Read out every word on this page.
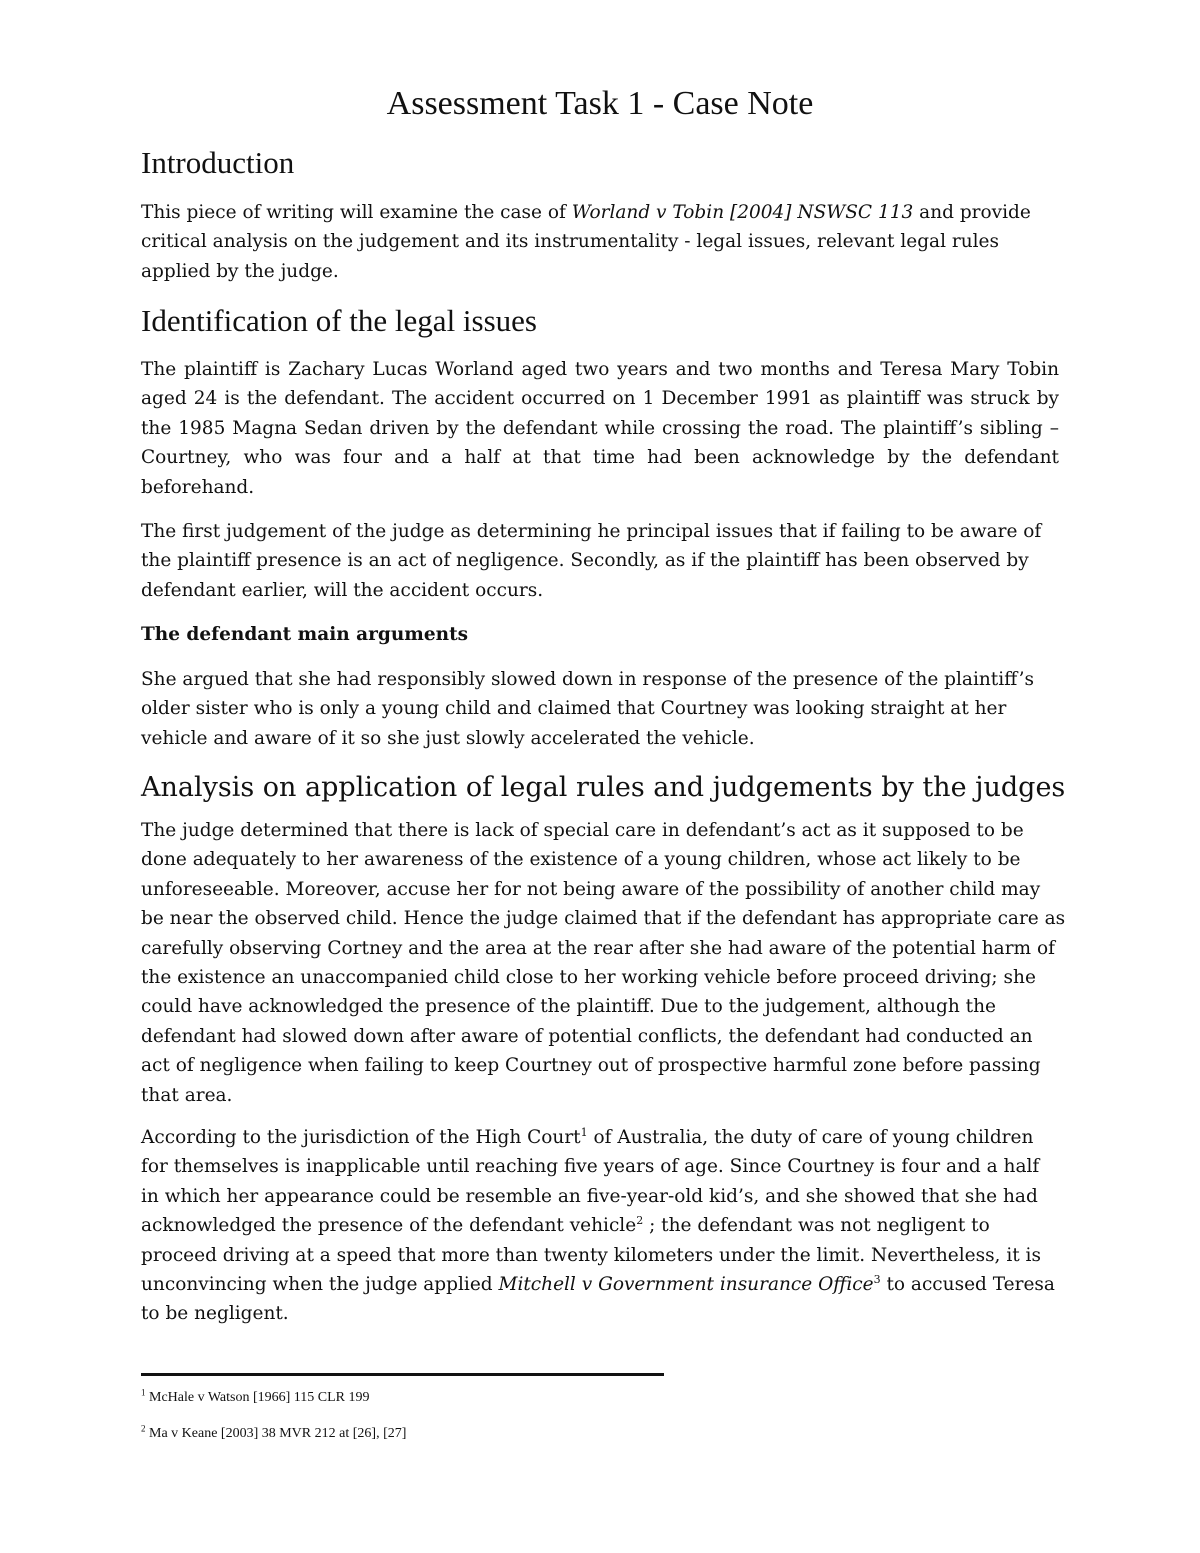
Assessment Task 1 - Case Note
Introduction
This piece of writing will examine the case of Worland v Tobin [2004] NSWSC 113 and provide
critical analysis on the judgement and its instrumentality - legal issues, relevant legal rules
applied by the judge.
Identification of the legal issues
The plaintiff is Zachary Lucas Worland aged two years and two months and Teresa Mary Tobin
aged 24 is the defendant. The accident occurred on 1 December 1991 as plaintiff was struck by
the 1985 Magna Sedan driven by the defendant while crossing the road. The plaintiff’s sibling –
Courtney, who was four and a half at that time had been acknowledge by the defendant
beforehand.
The first judgement of the judge as determining he principal issues that if failing to be aware of
the plaintiff presence is an act of negligence. Secondly, as if the plaintiff has been observed by
defendant earlier, will the accident occurs.
The defendant main arguments
She argued that she had responsibly slowed down in response of the presence of the plaintiff’s
older sister who is only a young child and claimed that Courtney was looking straight at her
vehicle and aware of it so she just slowly accelerated the vehicle.
Analysis on application of legal rules and judgements by the judges
The judge determined that there is lack of special care in defendant’s act as it supposed to be
done adequately to her awareness of the existence of a young children, whose act likely to be
unforeseeable. Moreover, accuse her for not being aware of the possibility of another child may
be near the observed child. Hence the judge claimed that if the defendant has appropriate care as
carefully observing Cortney and the area at the rear after she had aware of the potential harm of
the existence an unaccompanied child close to her working vehicle before proceed driving; she
could have acknowledged the presence of the plaintiff. Due to the judgement, although the
defendant had slowed down after aware of potential conflicts, the defendant had conducted an
act of negligence when failing to keep Courtney out of prospective harmful zone before passing
that area.
According to the jurisdiction of the High Court$^1$ of Australia, the duty of care of young children
for themselves is inapplicable until reaching five years of age. Since Courtney is four and a half
in which her appearance could be resemble an five-year-old kid’s, and she showed that she had
acknowledged the presence of the defendant vehicle$^2$ ; the defendant was not negligent to
proceed driving at a speed that more than twenty kilometers under the limit. Nevertheless, it is
unconvincing when the judge applied Mitchell v Government insurance Office$^3$ to accused Teresa
to be negligent.

$^1$ McHale v Watson [1966] 115 CLR 199

$^2$ Ma v Keane [2003] 38 MVR 212 at [26], [27]
